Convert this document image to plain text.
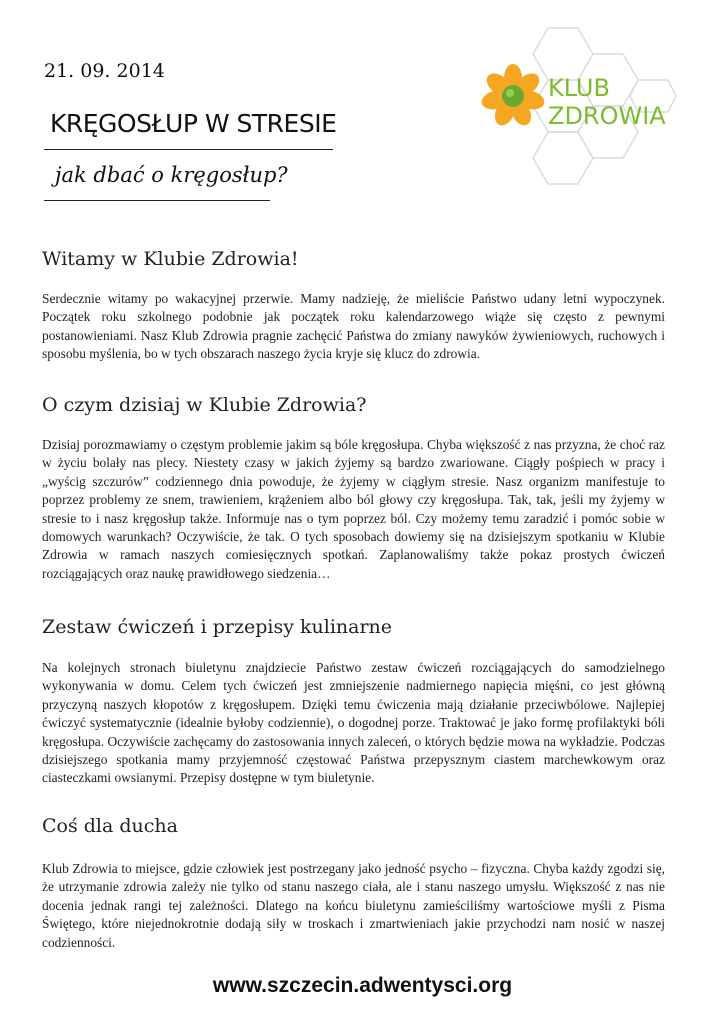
21. 09. 2014
KRĘGOSŁUP W STRESIE
jak dbać o kręgosłup?
KLUB
ZDROWIA
Witamy w Klubie Zdrowia!
Serdecznie witamy po wakacyjnej przerwie. Mamy nadzieję, że mieliście Państwo udany letni wypoczynek. Początek roku szkolnego podobnie jak początek roku kalendarzowego wiąże się często z pewnymi postanowieniami. Nasz Klub Zdrowia pragnie zachęcić Państwa do zmiany nawyków żywieniowych, ruchowych i sposobu myślenia, bo w tych obszarach naszego życia kryje się klucz do zdrowia.
O czym dzisiaj w Klubie Zdrowia?
Dzisiaj porozmawiamy o częstym problemie jakim są bóle kręgosłupa. Chyba większość z nas przyzna, że choć raz w życiu bolały nas plecy. Niestety czasy w jakich żyjemy są bardzo zwariowane. Ciągły pośpiech w pracy i „wyścig szczurów” codziennego dnia powoduje, że żyjemy w ciągłym stresie. Nasz organizm manifestuje to poprzez problemy ze snem, trawieniem, krążeniem albo ból głowy czy kręgosłupa. Tak, tak, jeśli my żyjemy w stresie to i nasz kręgosłup także. Informuje nas o tym poprzez ból. Czy możemy temu zaradzić i pomóc sobie w domowych warunkach? Oczywiście, że tak. O tych sposobach dowiemy się na dzisiejszym spotkaniu w Klubie Zdrowia w ramach naszych comiesięcznych spotkań. Zaplanowaliśmy także pokaz prostych ćwiczeń rozciągających oraz naukę prawidłowego siedzenia…
Zestaw ćwiczeń i przepisy kulinarne
Na kolejnych stronach biuletynu znajdziecie Państwo zestaw ćwiczeń rozciągających do samodzielnego wykonywania w domu. Celem tych ćwiczeń jest zmniejszenie nadmiernego napięcia mięśni, co jest główną przyczyną naszych kłopotów z kręgosłupem. Dzięki temu ćwiczenia mają działanie przeciwbólowe. Najlepiej ćwiczyć systematycznie (idealnie byłoby codziennie), o dogodnej porze. Traktować je jako formę profilaktyki bóli kręgosłupa. Oczywiście zachęcamy do zastosowania innych zaleceń, o których będzie mowa na wykładzie. Podczas dzisiejszego spotkania mamy przyjemność częstować Państwa przepysznym ciastem marchewkowym oraz ciasteczkami owsianymi. Przepisy dostępne w tym biuletynie.
Coś dla ducha
Klub Zdrowia to miejsce, gdzie człowiek jest postrzegany jako jedność psycho – fizyczna. Chyba każdy zgodzi się, że utrzymanie zdrowia zależy nie tylko od stanu naszego ciała, ale i stanu naszego umysłu. Większość z nas nie docenia jednak rangi tej zależności. Dlatego na końcu biuletynu zamieściliśmy wartościowe myśli z Pisma Świętego, które niejednokrotnie dodają siły w troskach i zmartwieniach jakie przychodzi nam nosić w naszej codzienności.
www.szczecin.adwentysci.org
